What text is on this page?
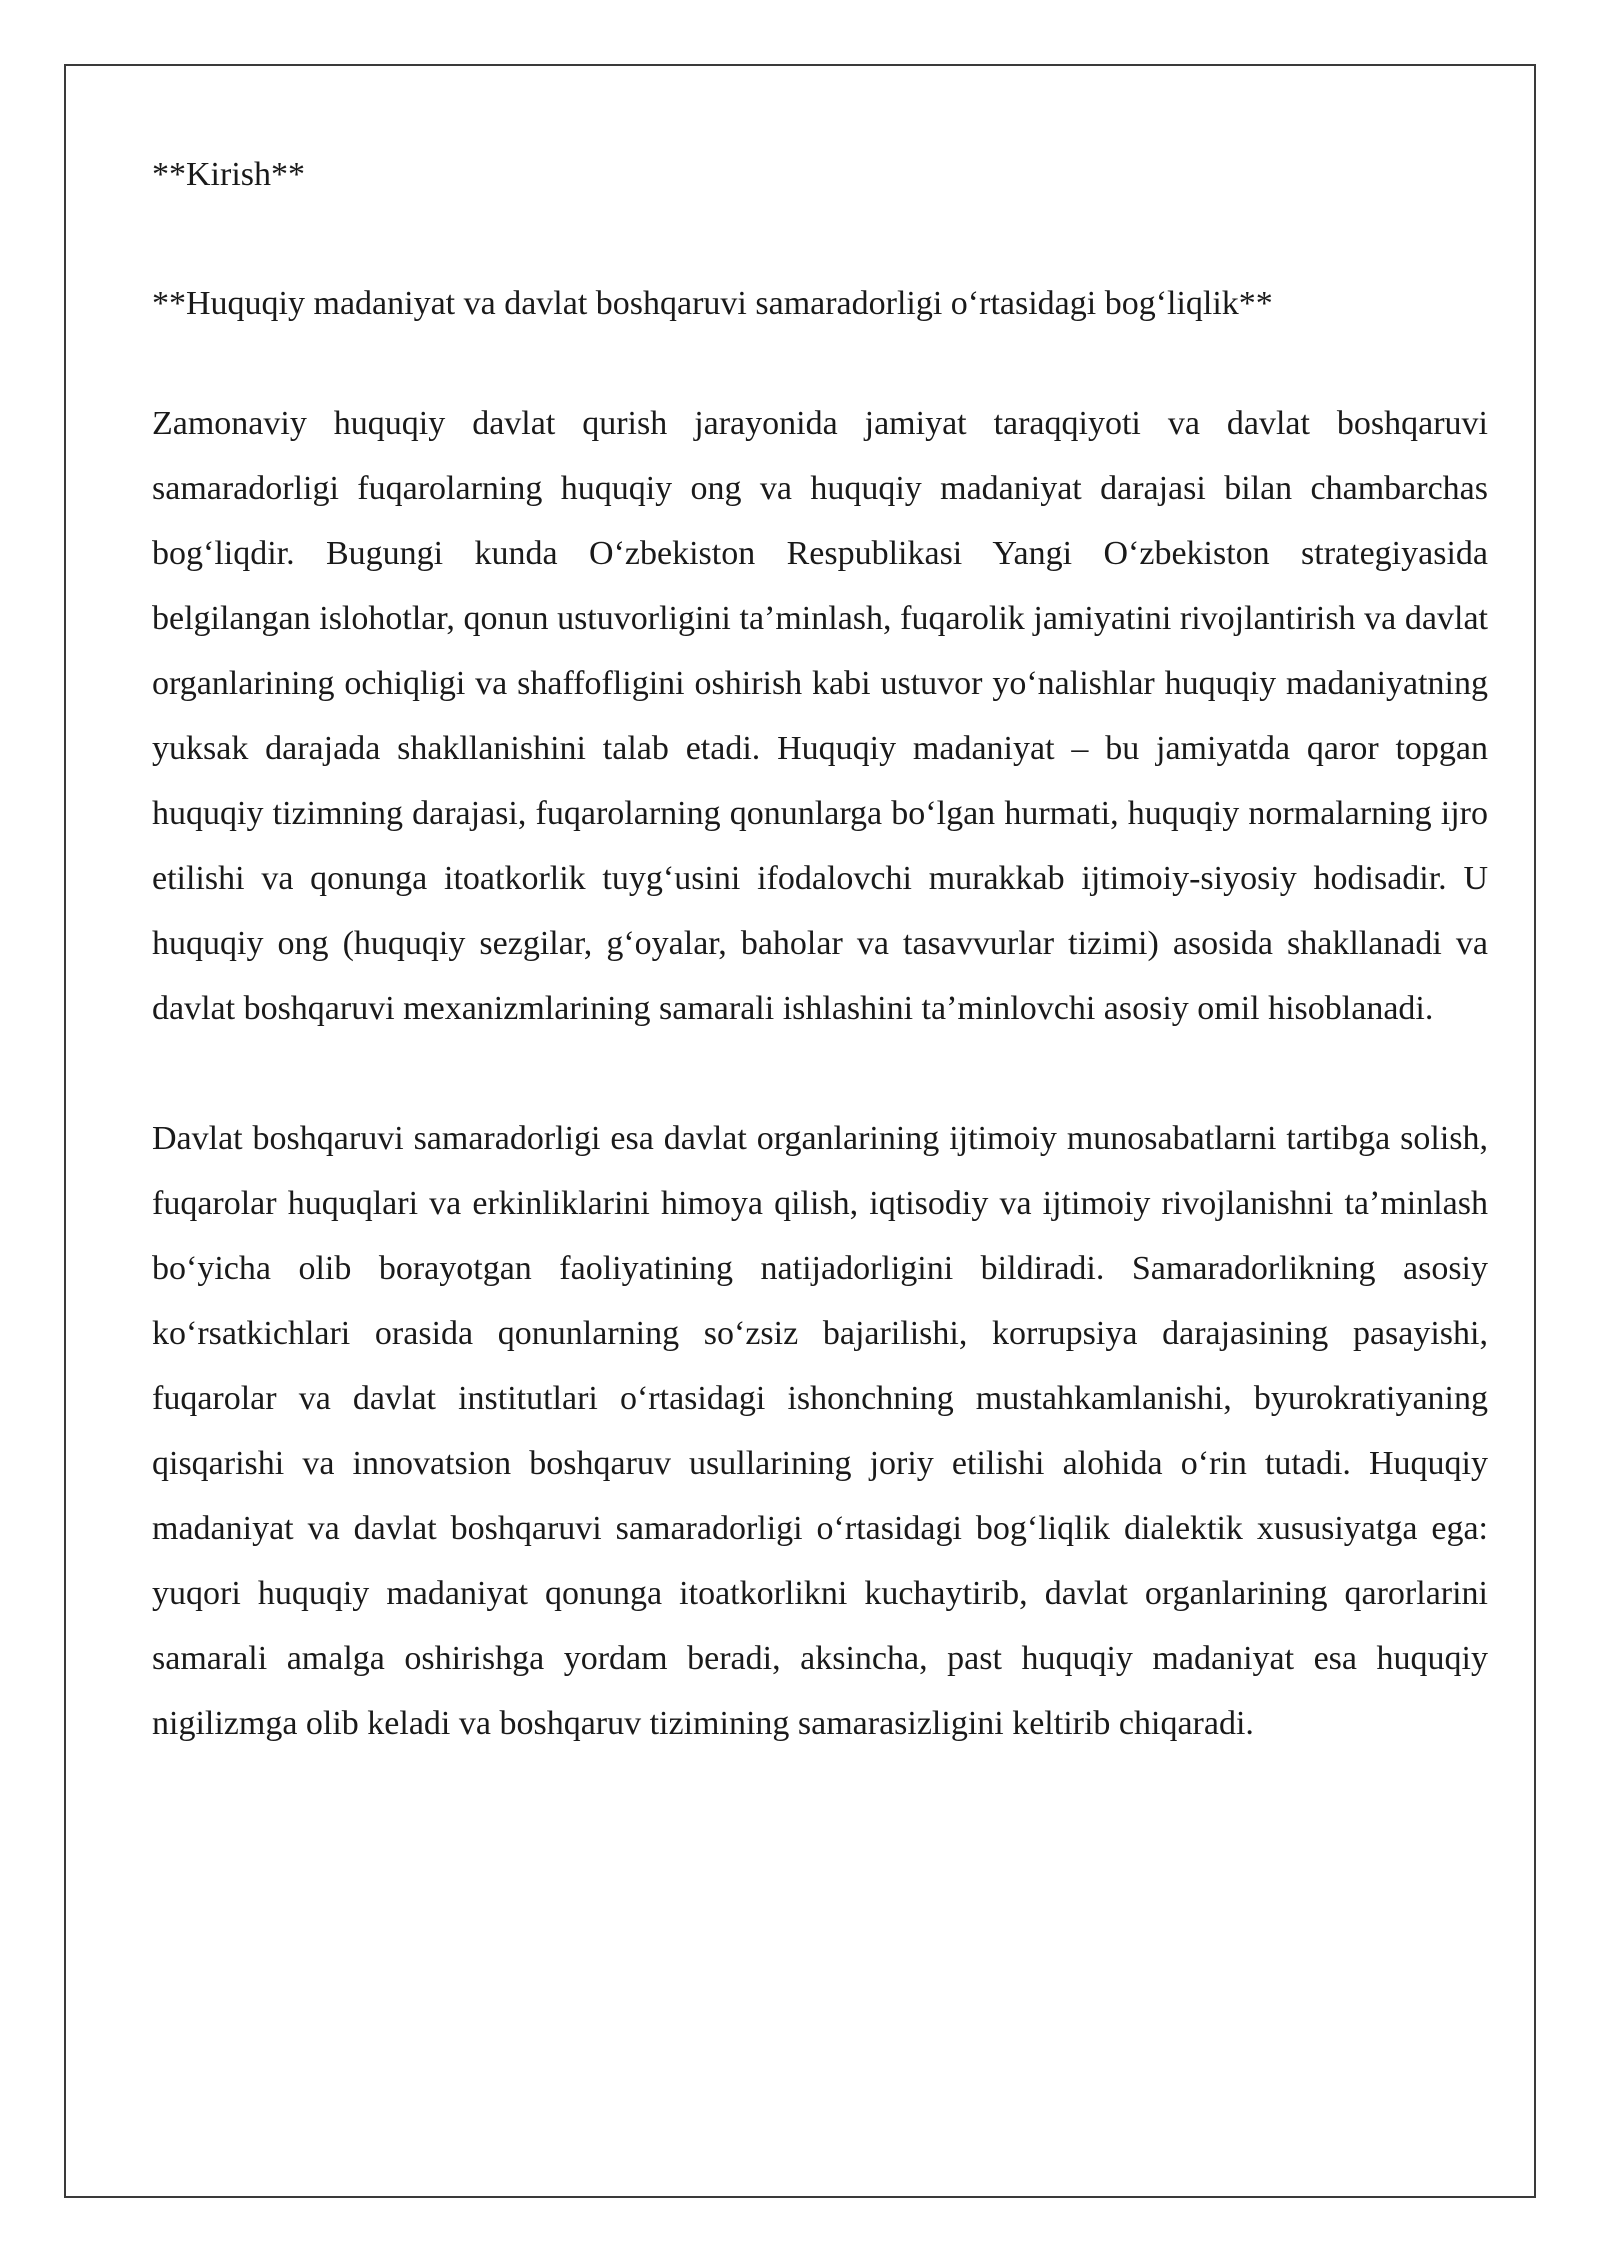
**Kirish**

**Huquqiy madaniyat va davlat boshqaruvi samaradorligi oʻrtasidagi bogʻliqlik**

Zamonaviy huquqiy davlat qurish jarayonida jamiyat taraqqiyoti va davlat boshqaruvi samaradorligi fuqarolarning huquqiy ong va huquqiy madaniyat darajasi bilan chambarchas bogʻliqdir. Bugungi kunda Oʻzbekiston Respublikasi Yangi Oʻzbekiston strategiyasida belgilangan islohotlar, qonun ustuvorligini taʼminlash, fuqarolik jamiyatini rivojlantirish va davlat organlarining ochiqligi va shaffofligini oshirish kabi ustuvor yoʻnalishlar huquqiy madaniyatning yuksak darajada shakllanishini talab etadi. Huquqiy madaniyat – bu jamiyatda qaror topgan huquqiy tizimning darajasi, fuqarolarning qonunlarga boʻlgan hurmati, huquqiy normalarning ijro etilishi va qonunga itoatkorlik tuygʻusini ifodalovchi murakkab ijtimoiy-siyosiy hodisadir. U huquqiy ong (huquqiy sezgilar, gʻoyalar, baholar va tasavvurlar tizimi) asosida shakllanadi va davlat boshqaruvi mexanizmlarining samarali ishlashini taʼminlovchi asosiy omil hisoblanadi.

Davlat boshqaruvi samaradorligi esa davlat organlarining ijtimoiy munosabatlarni tartibga solish, fuqarolar huquqlari va erkinliklarini himoya qilish, iqtisodiy va ijtimoiy rivojlanishni taʼminlash boʻyicha olib borayotgan faoliyatining natijadorligini bildiradi. Samaradorlikning asosiy koʻrsatkichlari orasida qonunlarning soʻzsiz bajarilishi, korrupsiya darajasining pasayishi, fuqarolar va davlat institutlari oʻrtasidagi ishonchning mustahkamlanishi, byurokratiyaning qisqarishi va innovatsion boshqaruv usullarining joriy etilishi alohida oʻrin tutadi. Huquqiy madaniyat va davlat boshqaruvi samaradorligi oʻrtasidagi bogʻliqlik dialektik xususiyatga ega: yuqori huquqiy madaniyat qonunga itoatkorlikni kuchaytirib, davlat organlarining qarorlarini samarali amalga oshirishga yordam beradi, aksincha, past huquqiy madaniyat esa huquqiy nigilizmga olib keladi va boshqaruv tizimining samarasizligini keltirib chiqaradi.
